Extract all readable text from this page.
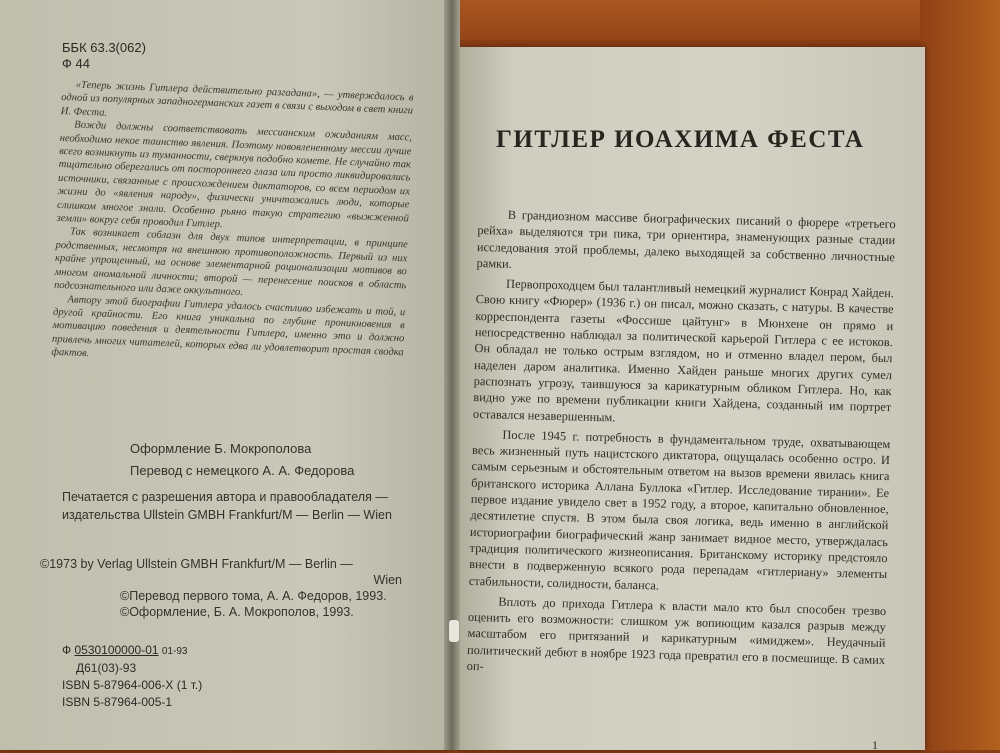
ББК 63.3(062)
Ф 44

«Теперь жизнь Гитлера действительно разгадана», — утверждалось в одной из популярных западногерманских газет в связи с выходом в свет книги И. Феста.

Вожди должны соответствовать мессианским ожиданиям масс, необходимо некое таинство явления. Поэтому нововлененному мессии лучше всего возникнуть из туманности, сверкнув подобно комете. Не случайно так тщательно оберегались от постороннего глаза или просто ликвидировались источники, связанные с происхождением диктаторов, со всем периодом их жизни до «явления народу», физически уничтожались люди, которые слишком многое знали. Особенно рьяно такую стратегию «выжженной земли» вокруг себя проводил Гитлер.

Так возникает соблазн для двух типов интерпретации, в принципе родственных, несмотря на внешнюю противоположность. Первый из них крайне упрощенный, на основе элементарной рационализации мотивов во многом аномальной личности; второй — перенесение поисков в область подсознательного или даже оккультного.

Автору этой биографии Гитлера удалось счастливо избежать и той, и другой крайности. Его книга уникальна по глубине проникновения в мотивацию поведения и деятельности Гитлера, именно это и должно привлечь многих читателей, которых едва ли удовлетворит простая сводка фактов.

Оформление Б. Мокрополова
Перевод с немецкого А. А. Федорова
Печатается с разрешения автора и правообладателя — издательства Ullstein GMBH Frankfurt/M — Berlin — Wien
©1973 by Verlag Ullstein GMBH Frankfurt/M — Berlin —
Wien
©Перевод первого тома, А. А. Федоров, 1993.
©Оформление, Б. А. Мокрополов, 1993.
Ф 0530100000-01 01-93
Д61(03)-93
ISBN 5-87964-006-X (1 т.)
ISBN 5-87964-005-1
ГИТЛЕР ИОАХИМА ФЕСТА

В грандиозном массиве биографических писаний о фюрере «третьего рейха» выделяются три пика, три ориентира, знаменующих разные стадии исследования этой проблемы, далеко выходящей за собственно личностные рамки.

Первопроходцем был талантливый немецкий журналист Конрад Хайден. Свою книгу «Фюрер» (1936 г.) он писал, можно сказать, с натуры. В качестве корреспондента газеты «Фоссише цайтунг» в Мюнхене он прямо и непосредственно наблюдал за политической карьерой Гитлера с ее истоков. Он обладал не только острым взглядом, но и отменно владел пером, был наделен даром аналитика. Именно Хайден раньше многих других сумел распознать угрозу, таившуюся за карикатурным обликом Гитлера. Но, как видно уже по времени публикации книги Хайдена, созданный им портрет оставался незавершенным.

После 1945 г. потребность в фундаментальном труде, охватывающем весь жизненный путь нацистского диктатора, ощущалась особенно остро. И самым серьезным и обстоятельным ответом на вызов времени явилась книга британского историка Аллана Буллока «Гитлер. Исследование тирании». Ее первое издание увидело свет в 1952 году, а второе, капитально обновленное, десятилетие спустя. В этом была своя логика, ведь именно в английской историографии биографический жанр занимает видное место, утверждалась традиция политического жизнеописания. Британскому историку предстояло внести в подверженную всякого рода перепадам «гитлериану» элементы стабильности, солидности, баланса.

Вплоть до прихода Гитлера к власти мало кто был способен трезво оценить его возможности: слишком уж вопиющим казался разрыв между масштабом его притязаний и карикатурным «имиджем». Неудачный политический дебют в ноябре 1923 года превратил его в посмешище. В самих оп-

1
